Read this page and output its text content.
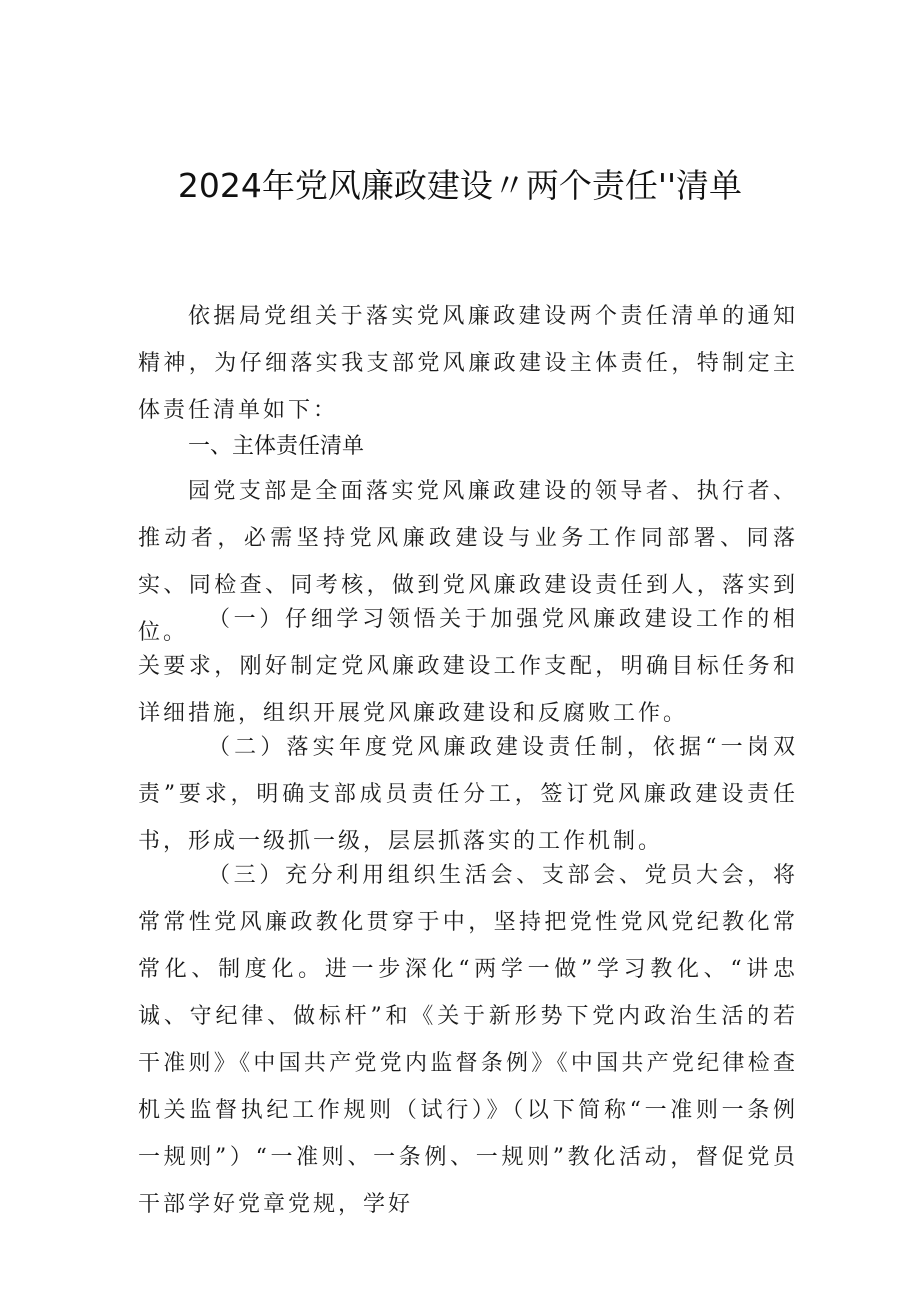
2024年党风廉政建设〃两个责任''清单

依据局党组关于落实党风廉政建设两个责任清单的通知精神，为仔细落实我支部党风廉政建设主体责任，特制定主体责任清单如下：

一、主体责任清单

园党支部是全面落实党风廉政建设的领导者、执行者、推动者，必需坚持党风廉政建设与业务工作同部署、同落实、同检查、同考核，做到党风廉政建设责任到人，落实到位。

（一）仔细学习领悟关于加强党风廉政建设工作的相关要求，刚好制定党风廉政建设工作支配，明确目标任务和详细措施，组织开展党风廉政建设和反腐败工作。

（二）落实年度党风廉政建设责任制，依据“一岗双责”要求，明确支部成员责任分工，签订党风廉政建设责任书，形成一级抓一级，层层抓落实的工作机制。

（三）充分利用组织生活会、支部会、党员大会，将常常性党风廉政教化贯穿于中，坚持把党性党风党纪教化常常化、制度化。进一步深化“两学一做”学习教化、“讲忠诚、守纪律、做标杆”和《关于新形势下党内政治生活的若干准则》《中国共产党党内监督条例》《中国共产党纪律检查机关监督执纪工作规则（试行）》（以下简称“一准则一条例一规则”）“一准则、一条例、一规则”教化活动，督促党员干部学好党章党规，学好
